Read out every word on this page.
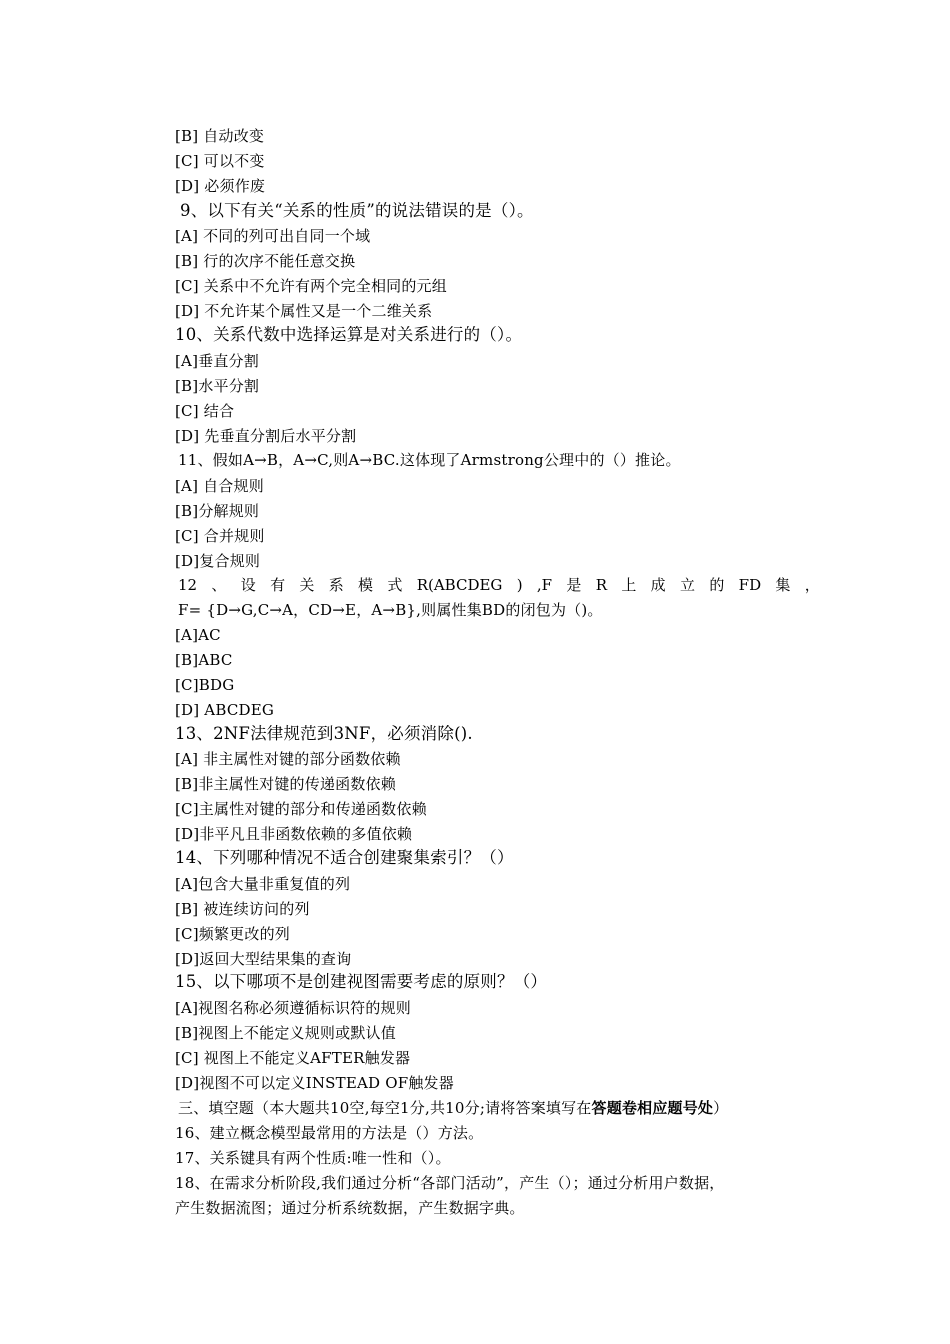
[B] 自动改变
[C] 可以不变
[D] 必须作废
9、以下有关“关系的性质”的说法错误的是（）。
[A] 不同的列可出自同一个域
[B] 行的次序不能任意交换
[C] 关系中不允许有两个完全相同的元组
[D] 不允许某个属性又是一个二维关系
10、关系代数中选择运算是对关系进行的（）。
[A]垂直分割
[B]水平分割
[C] 结合
[D] 先垂直分割后水平分割
11、假如A→B，A→C,则A→BC.这体现了Armstrong公理中的（）推论。
[A] 自合规则
[B]分解规则
[C] 合并规则
[D]复合规则
12 、 设 有 关 系 模 式 R(ABCDEG ) ,F 是 R 上 成 立 的 FD 集 ，
F= {D→G,C→A，CD→E，A→B},则属性集BD的闭包为（)。
[A]AC
[B]ABC
[C]BDG
[D] ABCDEG
13、2NF法律规范到3NF，必须消除().
[A] 非主属性对键的部分函数依赖
[B]非主属性对键的传递函数依赖
[C]主属性对键的部分和传递函数依赖
[D]非平凡且非函数依赖的多值依赖
14、下列哪种情况不适合创建聚集索引？（）
[A]包含大量非重复值的列
[B] 被连续访问的列
[C]频繁更改的列
[D]返回大型结果集的查询
15、以下哪项不是创建视图需要考虑的原则？（）
[A]视图名称必须遵循标识符的规则
[B]视图上不能定义规则或默认值
[C] 视图上不能定义AFTER触发器
[D]视图不可以定义INSTEAD OF触发器
三、填空题（本大题共10空,每空1分,共10分;请将答案填写在答题卷相应题号处）
16、建立概念模型最常用的方法是（）方法。
17、关系键具有两个性质:唯一性和（）。
18、在需求分析阶段,我们通过分析“各部门活动”，产生（）；通过分析用户数据，
产生数据流图；通过分析系统数据，产生数据字典。
